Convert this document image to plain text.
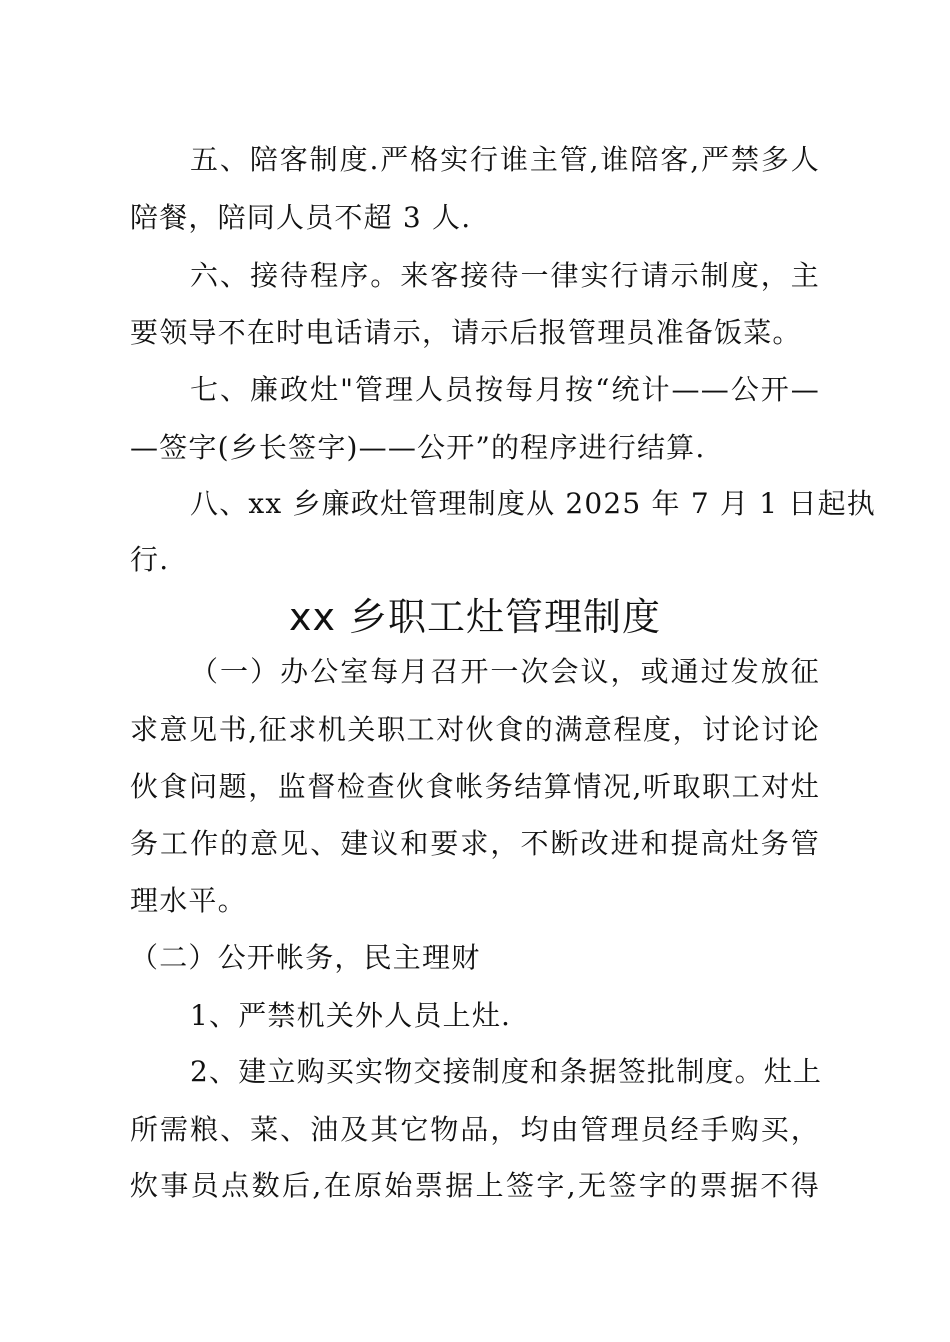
五、陪客制度.严格实行谁主管,谁陪客,严禁多人
陪餐，陪同人员不超 3 人.
六、接待程序。来客接待一律实行请示制度，主
要领导不在时电话请示，请示后报管理员准备饭菜。
七、廉政灶"管理人员按每月按“统计——公开—
—签字(乡长签字)——公开”的程序进行结算.
八、xx 乡廉政灶管理制度从 2025 年 7 月 1 日起执
行.
xx 乡职工灶管理制度
（一）办公室每月召开一次会议，或通过发放征
求意见书,征求机关职工对伙食的满意程度，讨论讨论
伙食问题，监督检查伙食帐务结算情况,听取职工对灶
务工作的意见、建议和要求，不断改进和提高灶务管
理水平。
（二）公开帐务，民主理财
1、严禁机关外人员上灶.
2、建立购买实物交接制度和条据签批制度。灶上
所需粮、菜、油及其它物品，均由管理员经手购买，
炊事员点数后,在原始票据上签字,无签字的票据不得
